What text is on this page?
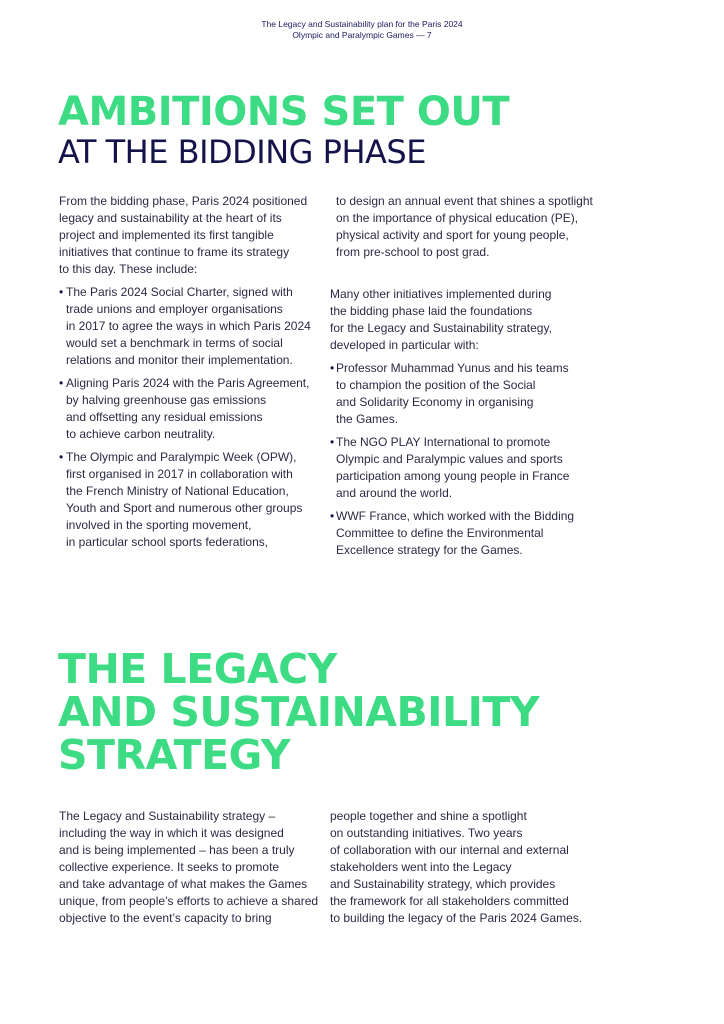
The Legacy and Sustainability plan for the Paris 2024
Olympic and Paralympic Games — 7
AMBITIONS SET OUT
AT THE BIDDING PHASE

From the bidding phase, Paris 2024 positioned

legacy and sustainability at the heart of its

project and implemented its first tangible

initiatives that continue to frame its strategy

to this day. These include:

• The Paris 2024 Social Charter, signed with
trade unions and employer organisations
in 2017 to agree the ways in which Paris 2024
would set a benchmark in terms of social
relations and monitor their implementation.
• Aligning Paris 2024 with the Paris Agreement,
by halving greenhouse gas emissions
and offsetting any residual emissions
to achieve carbon neutrality.
• The Olympic and Paralympic Week (OPW),
first organised in 2017 in collaboration with
the French Ministry of National Education,
Youth and Sport and numerous other groups
involved in the sporting movement,
in particular school sports federations,

to design an annual event that shines a spotlight

on the importance of physical education (PE),

physical activity and sport for young people,

from pre-school to post grad.

Many other initiatives implemented during

the bidding phase laid the foundations

for the Legacy and Sustainability strategy,

developed in particular with:

• Professor Muhammad Yunus and his teams
to champion the position of the Social
and Solidarity Economy in organising
the Games.
• The NGO PLAY International to promote
Olympic and Paralympic values and sports
participation among young people in France
and around the world.
• WWF France, which worked with the Bidding
Committee to define the Environmental
Excellence strategy for the Games.
THE LEGACY
AND SUSTAINABILITY
STRATEGY

The Legacy and Sustainability strategy –

including the way in which it was designed

and is being implemented – has been a truly

collective experience. It seeks to promote

and take advantage of what makes the Games

unique, from people’s efforts to achieve a shared

objective to the event’s capacity to bring

people together and shine a spotlight

on outstanding initiatives. Two years

of collaboration with our internal and external

stakeholders went into the Legacy

and Sustainability strategy, which provides

the framework for all stakeholders committed

to building the legacy of the Paris 2024 Games.
